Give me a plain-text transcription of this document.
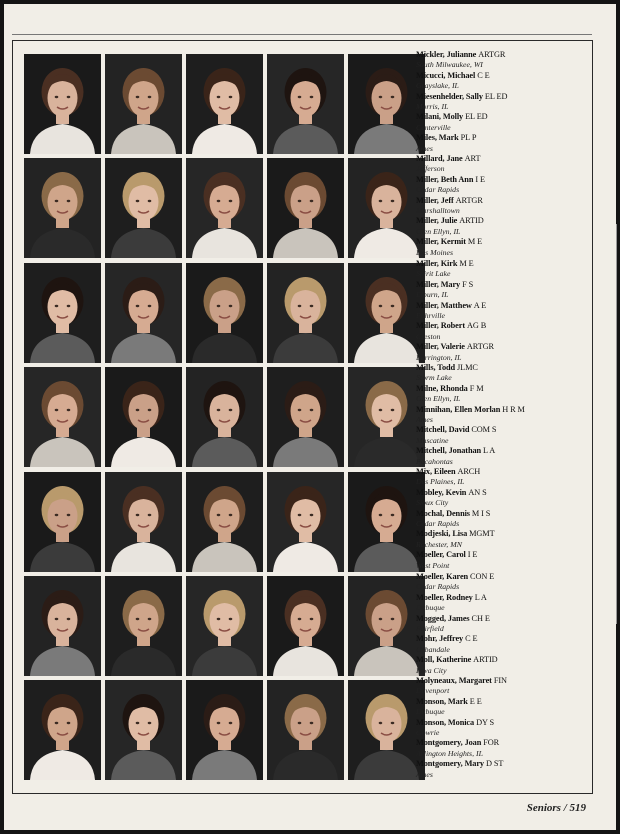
Mickler, Julianne ARTGR
South Milwaukee, WI
Micucci, Michael C E
Grayslake, IL
Miesenhelder, Sally EL ED
Morris, IL
Milani, Molly EL ED
Centerville
Miles, Mark PL P
Ames
Millard, Jane ART
Jefferson
Miller, Beth Ann I E
Cedar Rapids
Miller, Jeff ARTGR
Marshalltown
Miller, Julie ARTID
Glen Ellyn, IL
Miller, Kermit M E
Des Moines
Miller, Kirk M E
Spirit Lake
Miller, Mary F S
Elburn, IL
Miller, Matthew A E
Pohrville
Miller, Robert AG B
Creston
Miller, Valerie ARTGR
Barrington, IL
Mills, Todd JLMC
Storm Lake
Milne, Rhonda F M
Glen Ellyn, IL
Minnihan, Ellen Morlan H R M
Ames
Mitchell, David COM S
Muscatine
Mitchell, Jonathan L A
Pocahontas
Mix, Eileen ARCH
Des Plaines, IL
Mobley, Kevin AN S
Sioux City
Mochal, Dennis M I S
Cedar Rapids
Modjeski, Lisa MGMT
Rochester, MN
Moeller, Carol I E
West Point
Moeller, Karen CON E
Cedar Rapids
Moeller, Rodney L A
Dubuque
Mogged, James CH E
Fairfield
Mohr, Jeffrey C E
Urbandale
Moll, Katherine ARTID
Iowa City
Molyneaux, Margaret FIN
Davenport
Monson, Mark E E
Dubuque
Monson, Monica DY S
Gowrie
Montgomery, Joan FOR
Arlington Heights, IL
Montgomery, Mary D ST
Ames
Seniors / 519
